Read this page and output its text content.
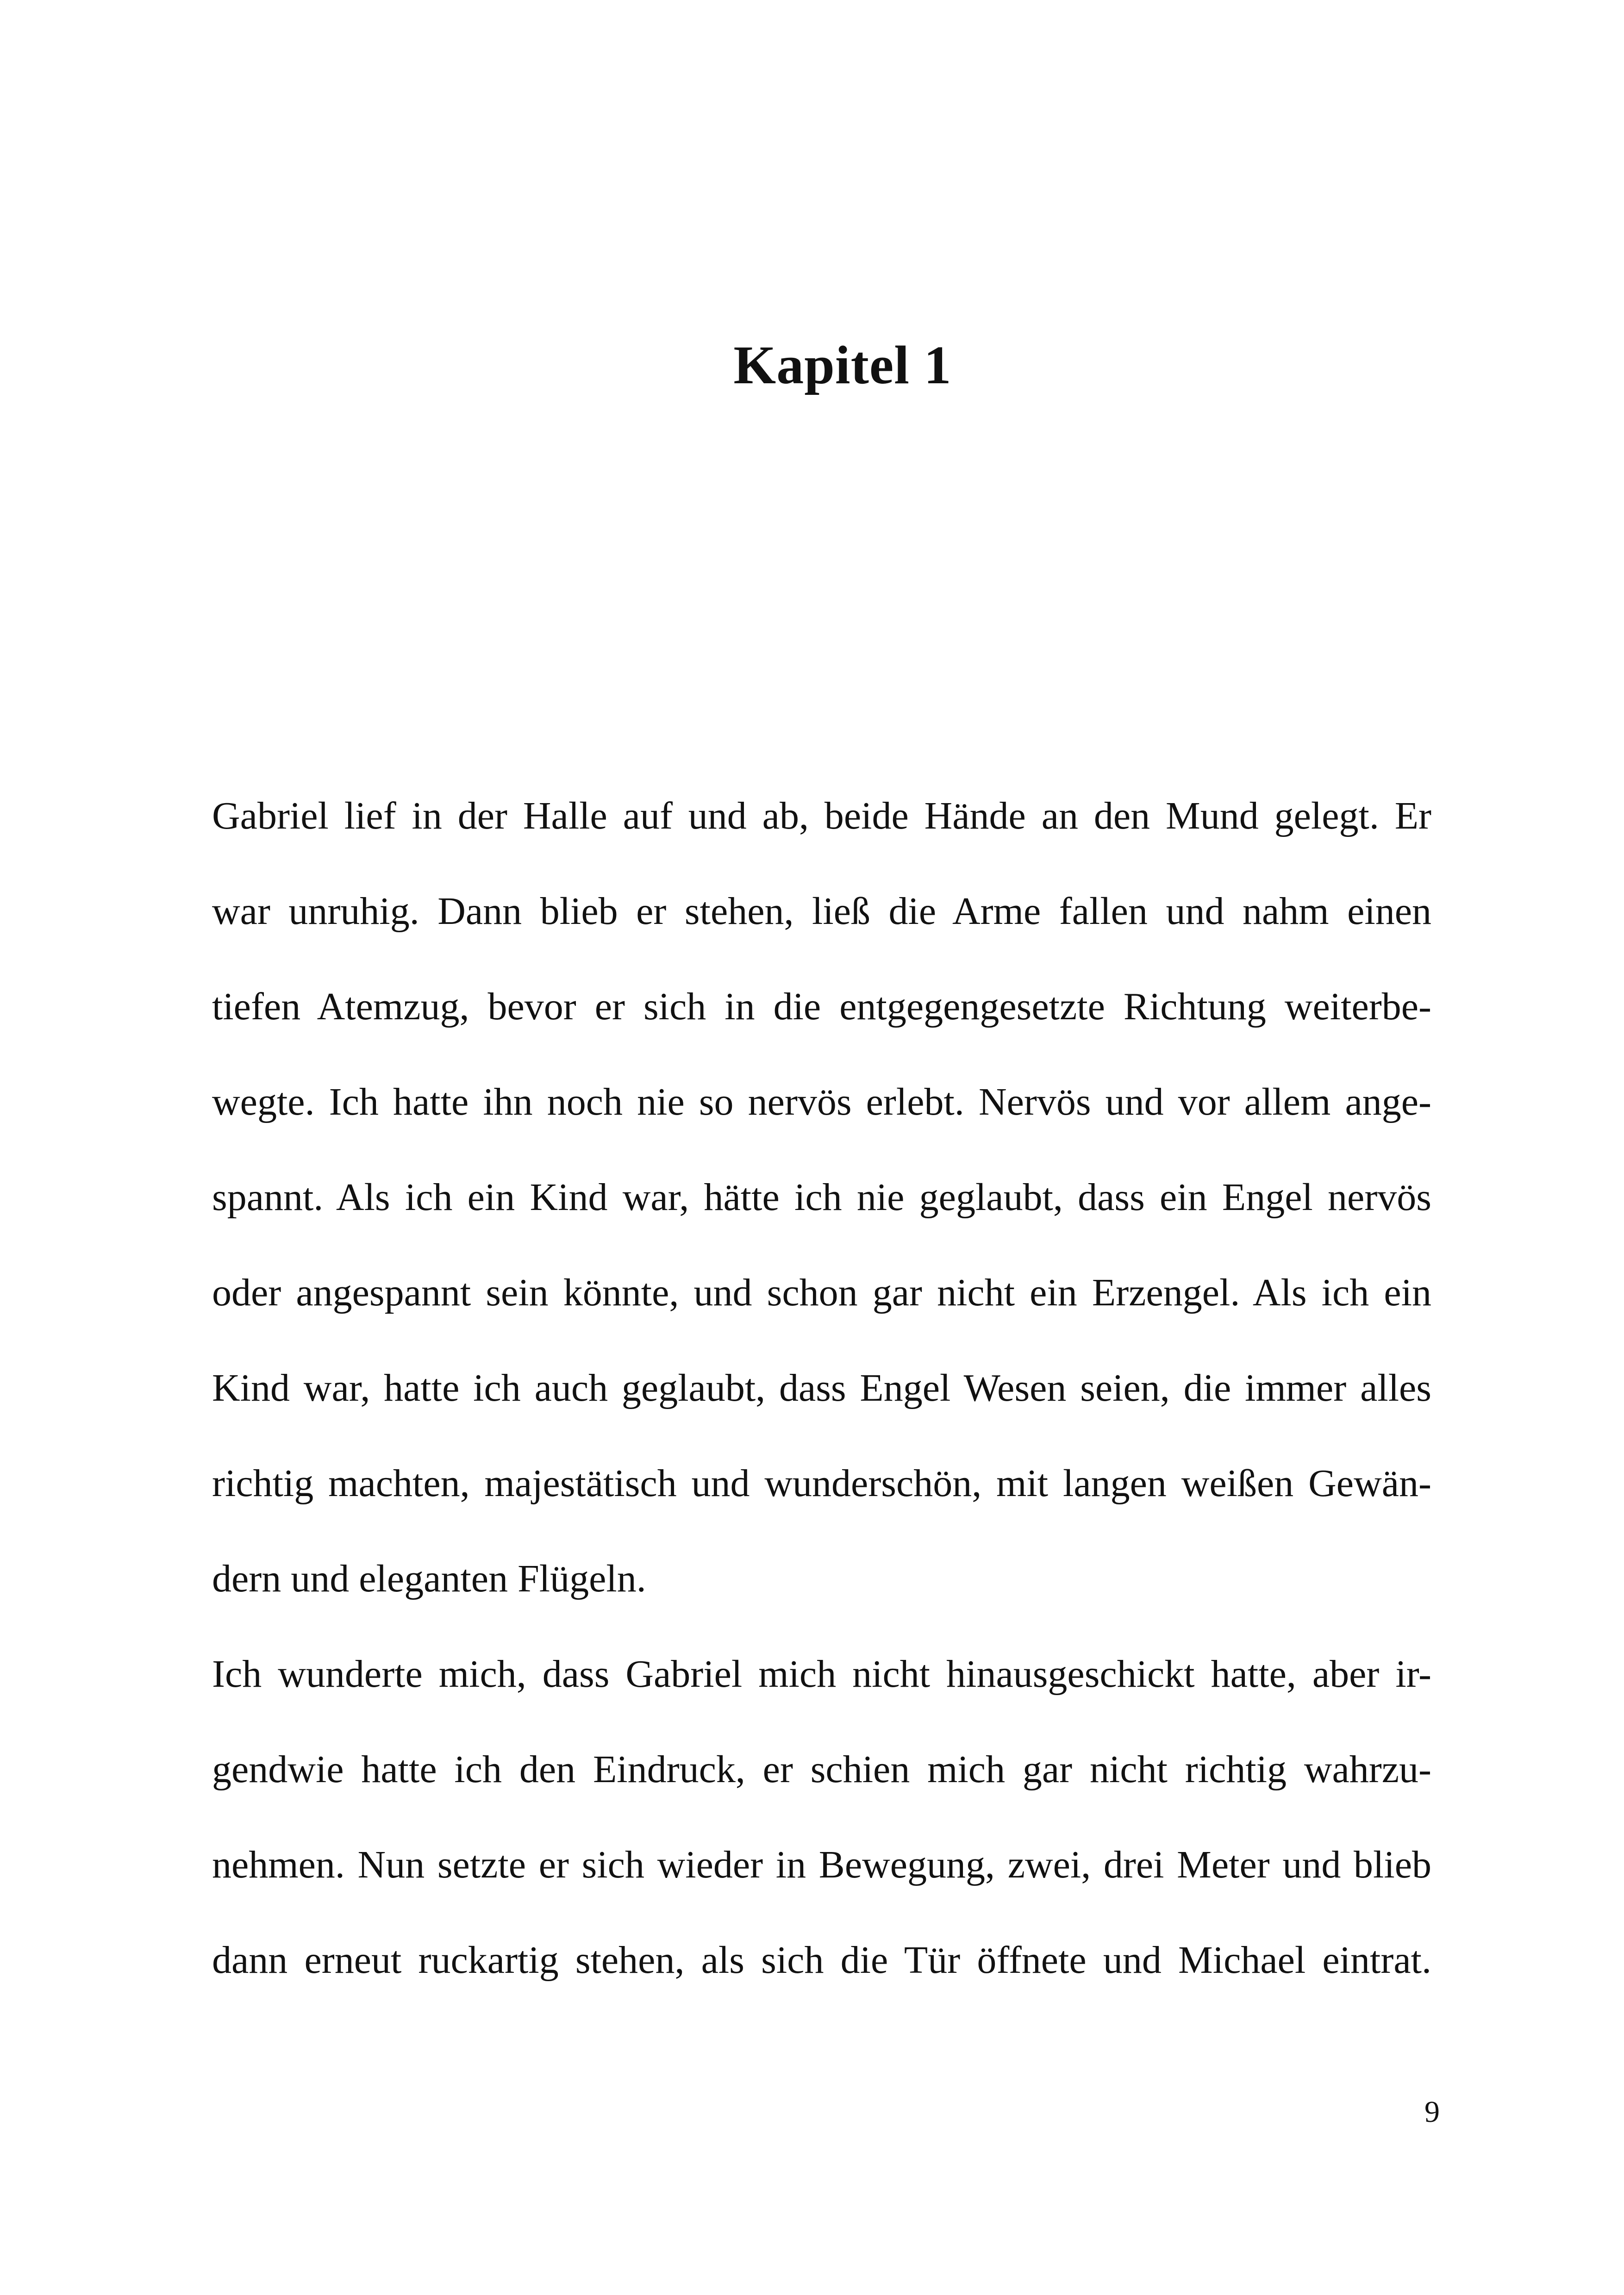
Kapitel 1
Gabriel lief in der Halle auf und ab, beide Hände an den Mund gelegt. Er
war unruhig. Dann blieb er stehen, ließ die Arme fallen und nahm einen
tiefen Atemzug, bevor er sich in die entgegengesetzte Richtung weiterbe-
wegte. Ich hatte ihn noch nie so nervös erlebt. Nervös und vor allem ange-
spannt. Als ich ein Kind war, hätte ich nie geglaubt, dass ein Engel nervös
oder angespannt sein könnte, und schon gar nicht ein Erzengel. Als ich ein
Kind war, hatte ich auch geglaubt, dass Engel Wesen seien, die immer alles
richtig machten, majestätisch und wunderschön, mit langen weißen Gewän-
dern und eleganten Flügeln.
Ich wunderte mich, dass Gabriel mich nicht hinausgeschickt hatte, aber ir-
gendwie hatte ich den Eindruck, er schien mich gar nicht richtig wahrzu-
nehmen. Nun setzte er sich wieder in Bewegung, zwei, drei Meter und blieb
dann erneut ruckartig stehen, als sich die Tür öffnete und Michael eintrat.
9
